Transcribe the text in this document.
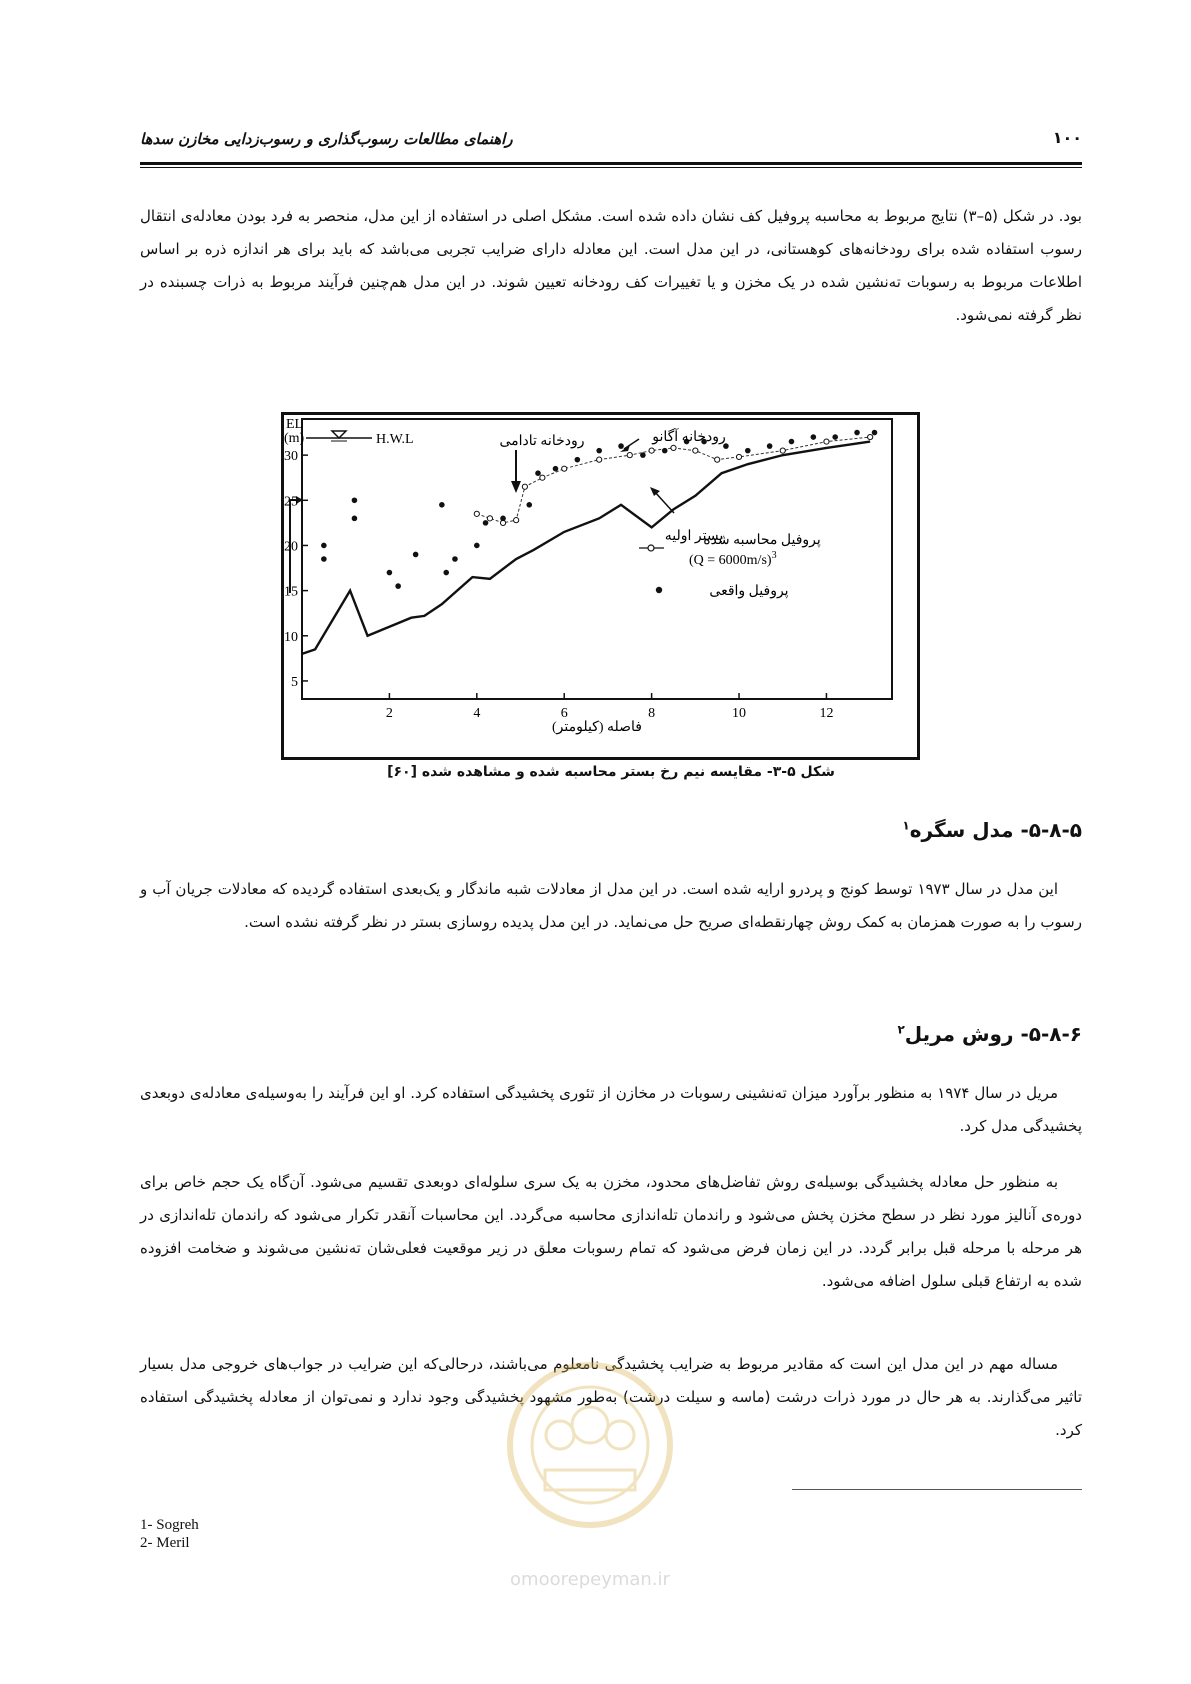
۱۰۰
راهنمای مطالعات رسوب‌گذاری و رسوب‌زدایی مخازن سدها

بود. در شکل (۵–۳) نتایج مربوط به محاسبه پروفیل کف نشان داده شده است. مشکل اصلی در استفاده از این مدل، منحصر به فرد بودن معادله‌ی انتقال رسوب استفاده شده برای رودخانه‌های کوهستانی، در این مدل است. این معادله دارای ضرایب تجربی می‌باشد که باید برای هر اندازه ذره بر اساس اطلاعات مربوط به رسوبات ته‌نشین شده در یک مخزن و یا تغییرات کف رودخانه تعیین شوند. در این مدل هم‌چنین فرآیند مربوط به ذرات چسبنده در نظر گرفته نمی‌شود.

EL
(m)	H.W.L
2	4	6	8	10	12
5
10
15
20
25
30
رودخانه تادامی	رودخانه آگانو
بستر اولیه
پروفیل محاسبه شده
(Q = 6000m/s)$^3$
پروفیل واقعی
فاصله (کیلومتر)
شکل ۵-۳- مقایسه نیم رخ بستر محاسبه شده و مشاهده شده [۶۰]
۵-۸-۵- مدل سگره$^۱$

این مدل در سال ۱۹۷۳ توسط کونج و پردرو ارایه شده است. در این مدل از معادلات شبه ماندگار و یک‌بعدی استفاده گردیده که معادلات جریان آب و رسوب را به صورت همزمان به کمک روش چهارنقطه‌ای صریح حل می‌نماید. در این مدل پدیده روسازی بستر در نظر گرفته نشده است.

۵-۸-۶- روش مریل$^۲$

مریل در سال ۱۹۷۴ به منظور برآورد میزان ته‌نشینی رسوبات در مخازن از تئوری پخشیدگی استفاده کرد. او این فرآیند را به‌وسیله‌ی معادله‌ی دوبعدی پخشیدگی مدل کرد.

به منظور حل معادله پخشیدگی بوسیله‌ی روش تفاضل‌های محدود، مخزن به یک سری سلوله‌ای دوبعدی تقسیم می‌شود. آن‌گاه یک حجم خاص برای دوره‌ی آنالیز مورد نظر در سطح مخزن پخش می‌شود و راندمان تله‌اندازی محاسبه می‌گردد. این محاسبات آنقدر تکرار می‌شود که راندمان تله‌اندازی در هر مرحله با مرحله قبل برابر گردد. در این زمان فرض می‌شود که تمام رسوبات معلق در زیر موقعیت فعلی‌شان ته‌نشین می‌شوند و ضخامت افزوده شده به ارتفاع قبلی سلول اضافه می‌شود.

مساله مهم در این مدل این است که مقادیر مربوط به ضرایب پخشیدگی نامعلوم می‌باشند، درحالی‌که این ضرایب در جواب‌های خروجی مدل بسیار تاثیر می‌گذارند. به هر حال در مورد ذرات درشت (ماسه و سیلت درشت) به‌طور مشهود پخشیدگی وجود ندارد و نمی‌توان از معادله پخشیدگی استفاده کرد.

omoorepeyman.ir
1- Sogreh
2- Meril
